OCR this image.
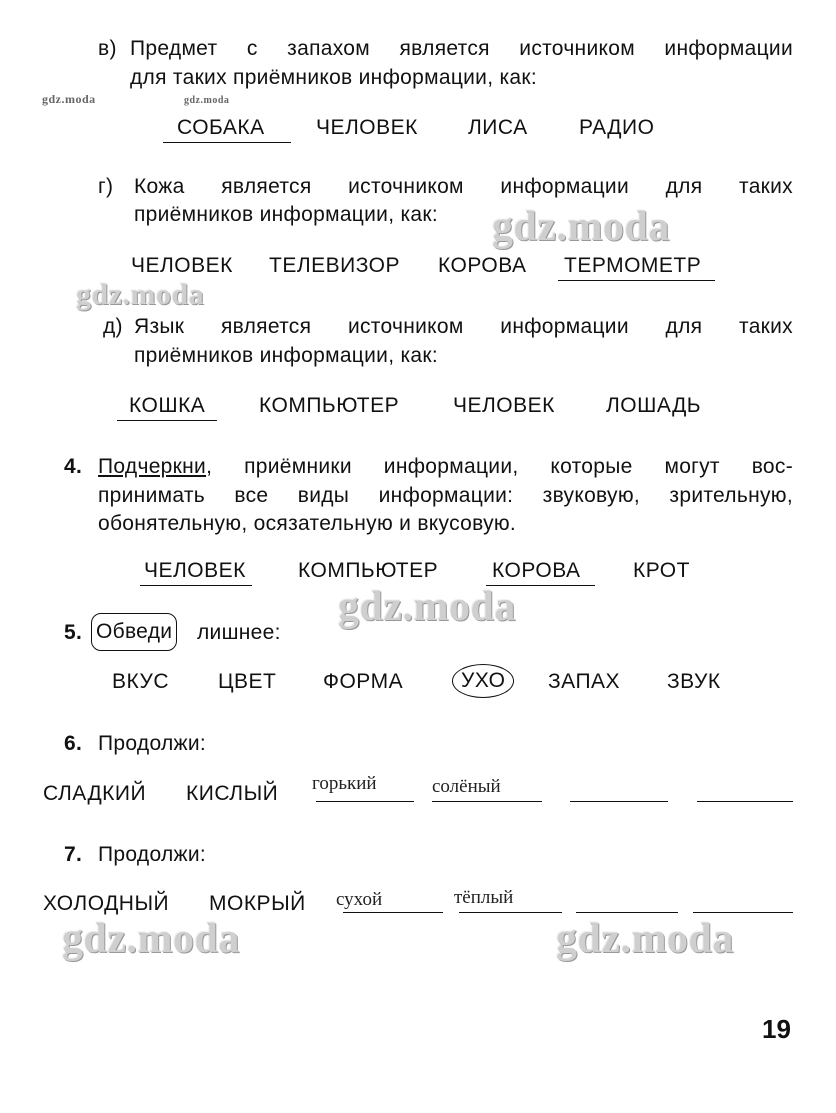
gdz.moda	gdz.moda
gdz.moda
gdz.moda
gdz.moda
gdz.moda	gdz.moda
в) Предмет с запахом является источником информации
для таких приёмников информации, как:
СОБАКА	ЧЕЛОВЕК ЛИСА РАДИО
г) Кожа является источником информации для таких
приёмников информации, как:
ЧЕЛОВЕК ТЕЛЕВИЗОР КОРОВА ТЕРМОМЕТР
д) Язык является источником информации для таких
приёмников информации, как:
КОШКА	КОМПЬЮТЕР	ЧЕЛОВЕК ЛОШАДЬ
4. Подчеркни, приёмники информации, которые могут вос-
принимать все виды информации: звуковую, зрительную,
обонятельную, осязательную и вкусовую.
ЧЕЛОВЕК КОМПЬЮТЕР	КОРОВА	КРОТ
5. Обведи лишнее:
ВКУС ЦВЕТ ФОРМА	УХО	ЗАПАХ ЗВУК
6. Продолжи:
СЛАДКИЙ КИСЛЫЙ горький	солёный
7. Продолжи:
ХОЛОДНЫЙ МОКРЫЙ сухой	тёплый
19
